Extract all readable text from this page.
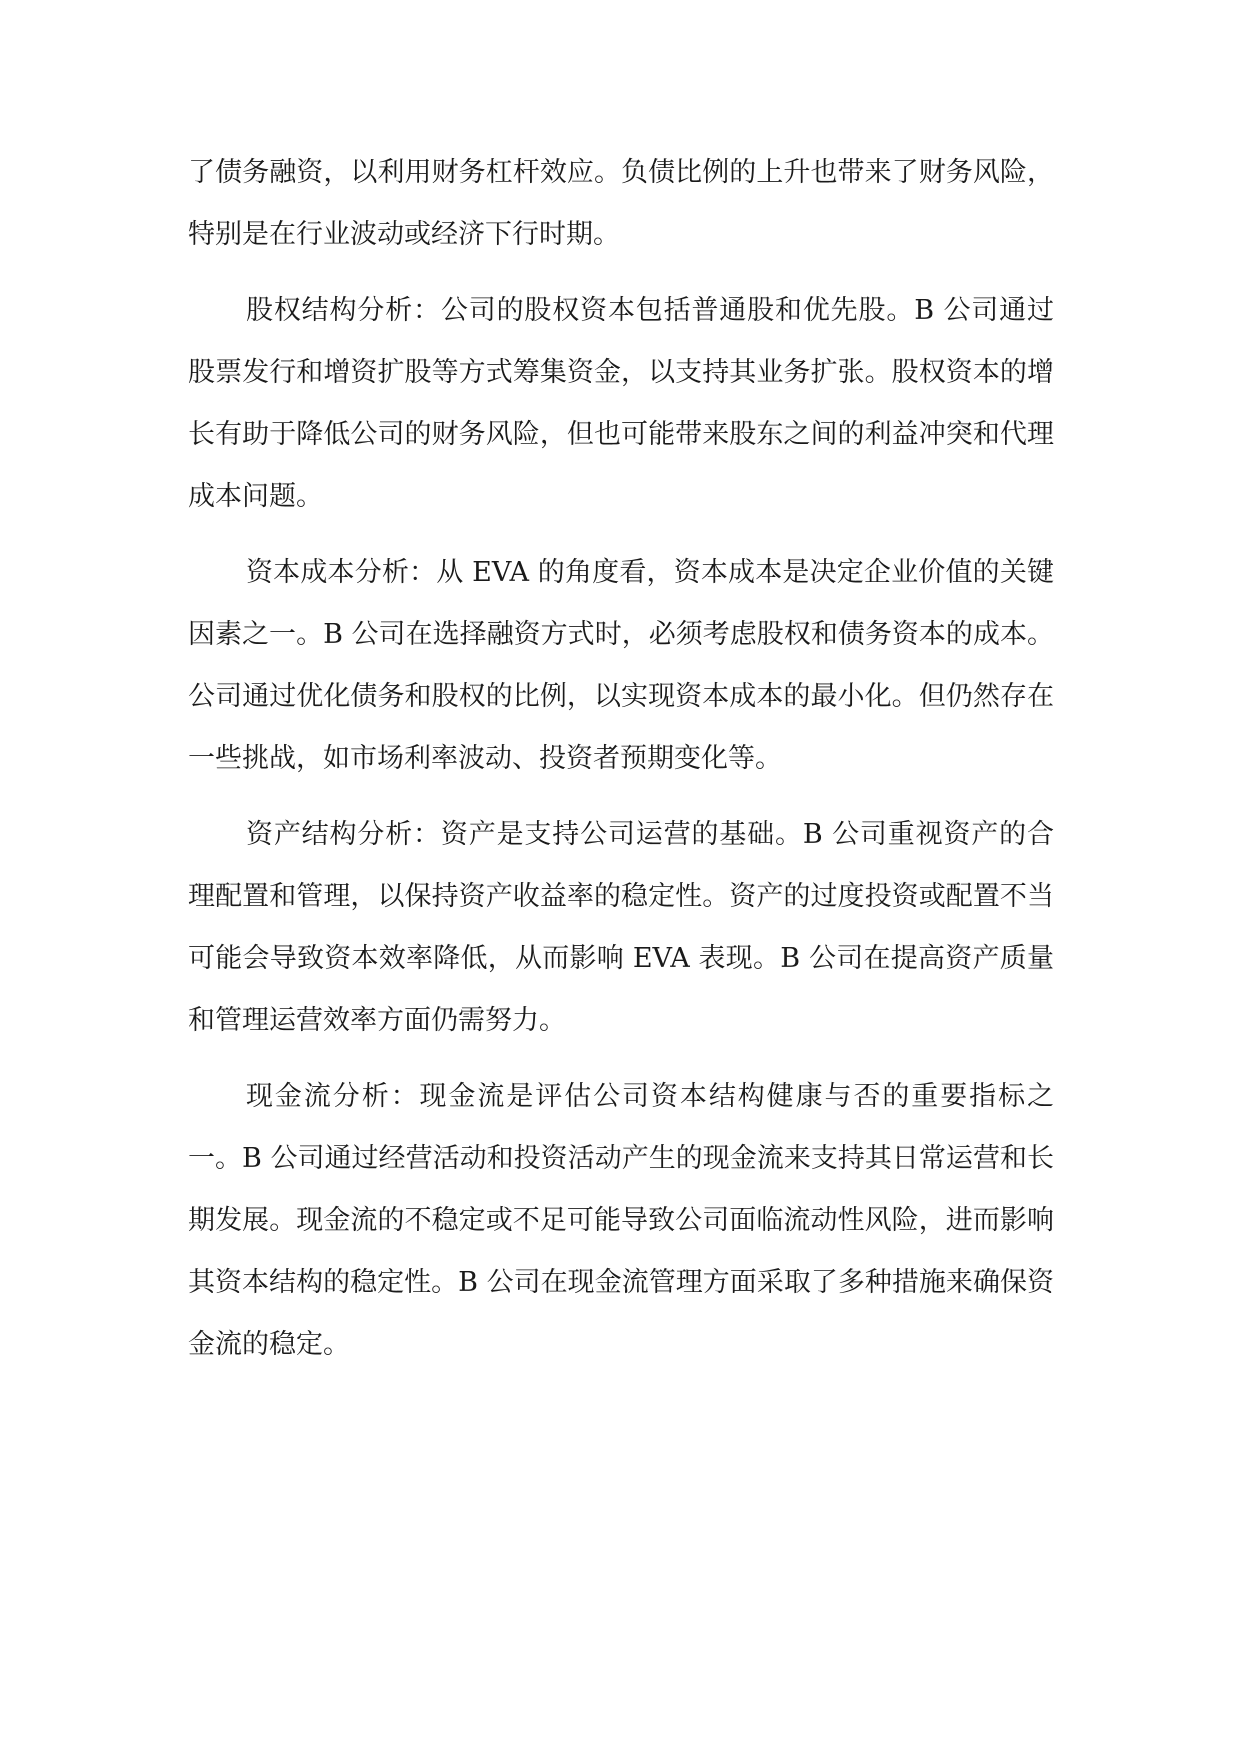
了债务融资，以利用财务杠杆效应。负债比例的上升也带来了财务风险，特别是在行业波动或经济下行时期。

股权结构分析：公司的股权资本包括普通股和优先股。B 公司通过股票发行和增资扩股等方式筹集资金，以支持其业务扩张。股权资本的增长有助于降低公司的财务风险，但也可能带来股东之间的利益冲突和代理成本问题。

资本成本分析：从 EVA 的角度看，资本成本是决定企业价值的关键因素之一。B 公司在选择融资方式时，必须考虑股权和债务资本的成本。公司通过优化债务和股权的比例，以实现资本成本的最小化。但仍然存在一些挑战，如市场利率波动、投资者预期变化等。

资产结构分析：资产是支持公司运营的基础。B 公司重视资产的合理配置和管理，以保持资产收益率的稳定性。资产的过度投资或配置不当可能会导致资本效率降低，从而影响 EVA 表现。B 公司在提高资产质量和管理运营效率方面仍需努力。

现金流分析：现金流是评估公司资本结构健康与否的重要指标之一。B 公司通过经营活动和投资活动产生的现金流来支持其日常运营和长期发展。现金流的不稳定或不足可能导致公司面临流动性风险，进而影响其资本结构的稳定性。B 公司在现金流管理方面采取了多种措施来确保资金流的稳定。
